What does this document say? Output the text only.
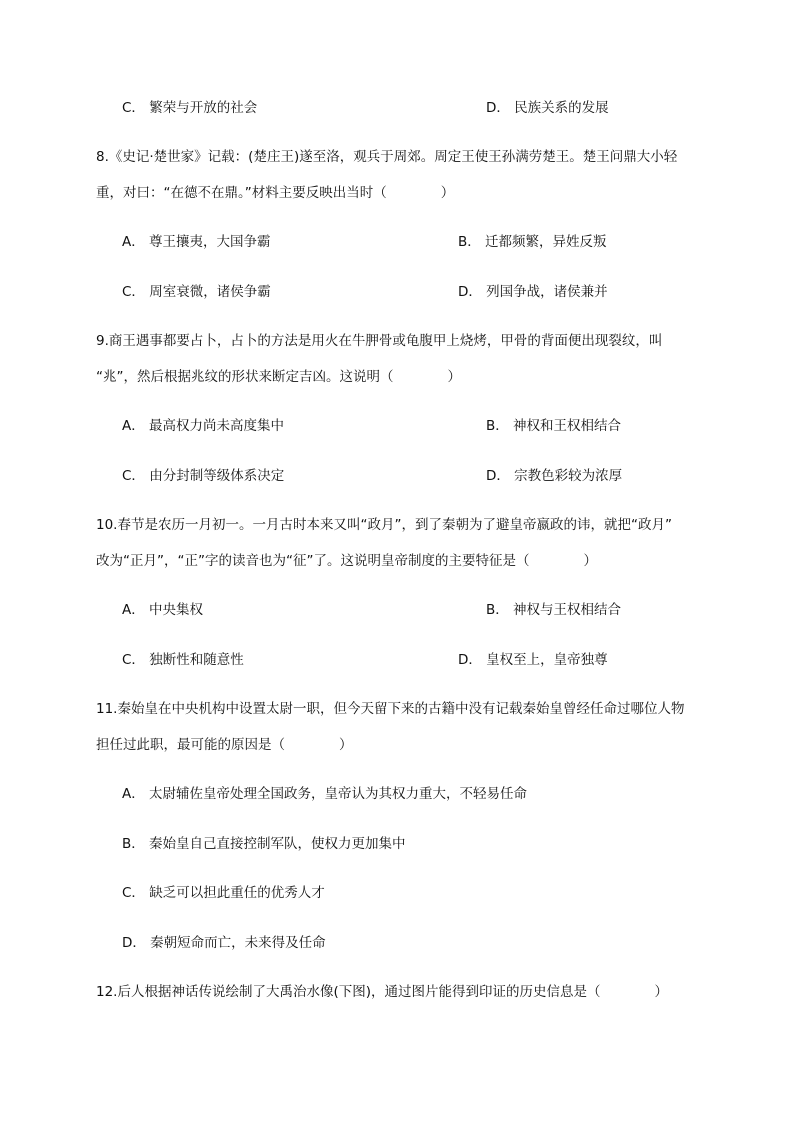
C． 繁荣与开放的社会	D． 民族关系的发展
8.《史记·楚世家》记载：(楚庄王)遂至洛，观兵于周郊。周定王使王孙满劳楚王。楚王问鼎大小轻
重，对曰：“在德不在鼎。”材料主要反映出当时（　　　　）
A． 尊王攘夷，大国争霸	B． 迁都频繁，异姓反叛
C． 周室衰微，诸侯争霸	D． 列国争战，诸侯兼并
9.商王遇事都要占卜，占卜的方法是用火在牛胛骨或龟腹甲上烧烤，甲骨的背面便出现裂纹，叫
“兆”，然后根据兆纹的形状来断定吉凶。这说明（　　　　）
A． 最高权力尚未高度集中	B． 神权和王权相结合
C． 由分封制等级体系决定	D． 宗教色彩较为浓厚
10.春节是农历一月初一。一月古时本来又叫“政月”，到了秦朝为了避皇帝嬴政的讳，就把“政月”
改为“正月”，“正”字的读音也为“征”了。这说明皇帝制度的主要特征是（　　　　）
A． 中央集权	B． 神权与王权相结合
C． 独断性和随意性	D． 皇权至上，皇帝独尊
11.秦始皇在中央机构中设置太尉一职，但今天留下来的古籍中没有记载秦始皇曾经任命过哪位人物
担任过此职，最可能的原因是（　　　　）
A． 太尉辅佐皇帝处理全国政务，皇帝认为其权力重大，不轻易任命
B． 秦始皇自己直接控制军队，使权力更加集中
C． 缺乏可以担此重任的优秀人才
D． 秦朝短命而亡，未来得及任命
12.后人根据神话传说绘制了大禹治水像(下图)，通过图片能得到印证的历史信息是（　　　　）
